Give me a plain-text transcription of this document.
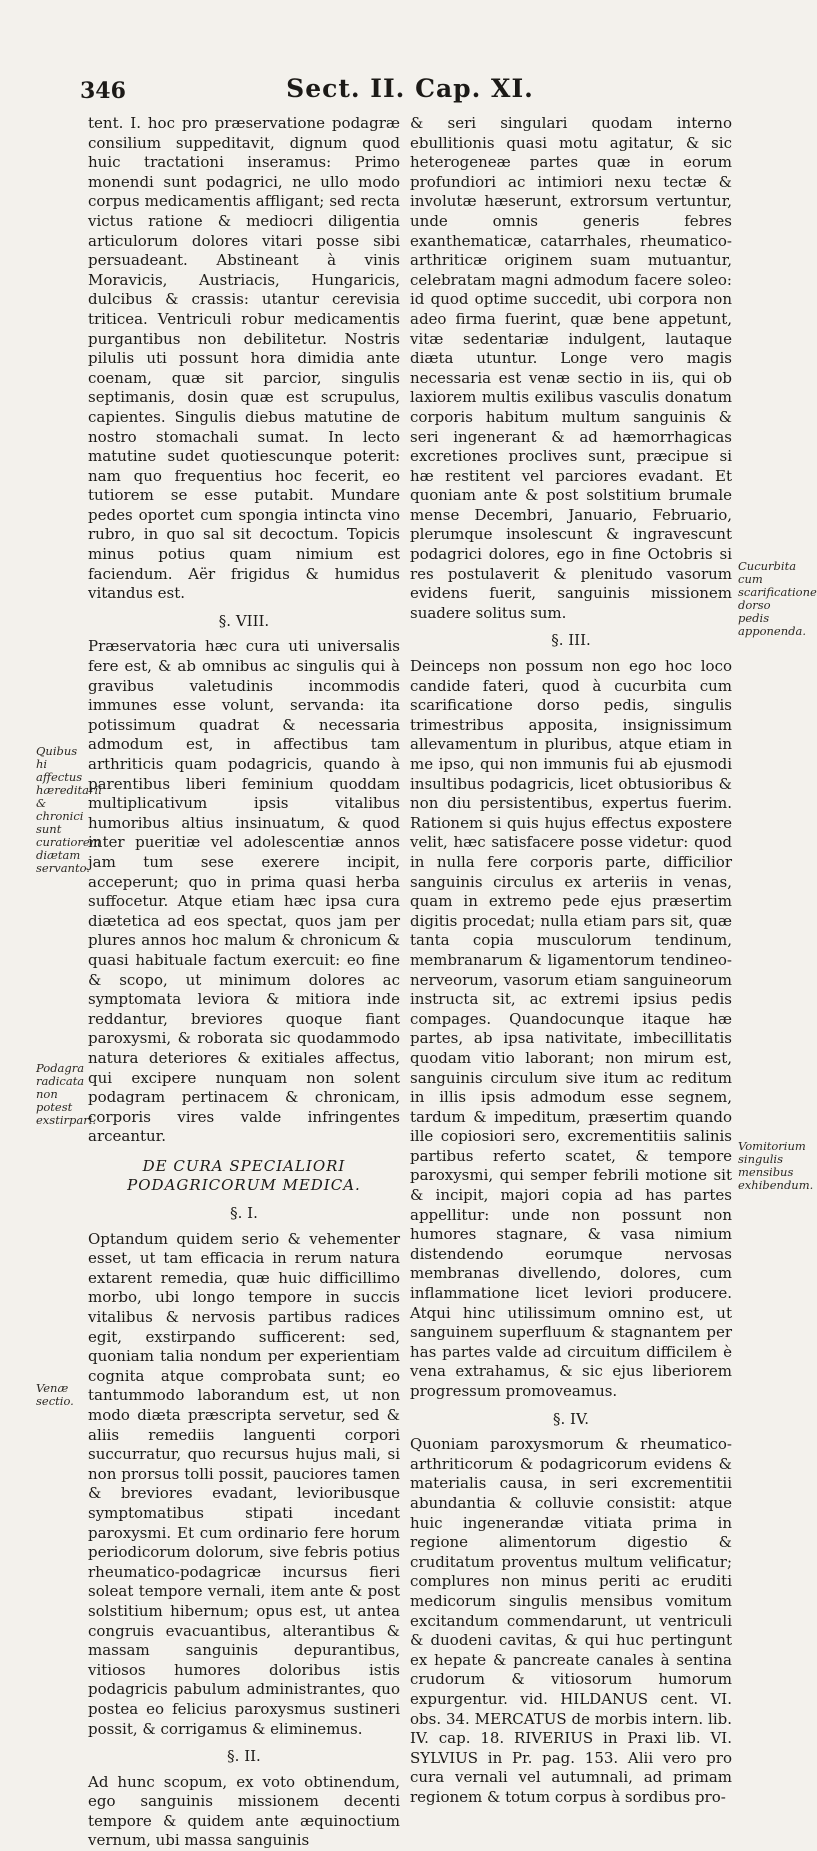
346	Sect. II. Cap. XI.
Quibus hi affectus hæreditarii & chronici sunt curatiorem diætam servanto.
Podagra radicata non potest exstirpari.
Venæ sectio.
Cucurbita cum scarificatione dorso pedis apponenda.
Vomitorium singulis mensibus exhibendum.

tent. I. hoc pro præservatione podagræ consilium suppeditavit, dignum quod huic tractationi inseramus: Primo monendi sunt podagrici, ne ullo modo corpus medicamentis affligant; sed recta victus ratione & mediocri diligentia articulorum dolores vitari posse sibi persuadeant. Abstineant à vinis Moravicis, Austriacis, Hungaricis, dulcibus & crassis: utantur cerevisia triticea. Ventriculi robur medicamentis purgantibus non debilitetur. Nostris pilulis uti possunt hora dimidia ante coenam, quæ sit parcior, singulis septimanis, dosin quæ est scrupulus, capientes. Singulis diebus matutine de nostro stomachali sumat. In lecto matutine sudet quotiescunque poterit: nam quo frequentius hoc fecerit, eo tutiorem se esse putabit. Mundare pedes oportet cum spongia intincta vino rubro, in quo sal sit decoctum. Topicis minus potius quam nimium est faciendum. Aër frigidus & humidus vitandus est.

§. VIII.

Præservatoria hæc cura uti universalis fere est, & ab omnibus ac singulis qui à gravibus valetudinis incommodis immunes esse volunt, servanda: ita potissimum quadrat & necessaria admodum est, in affectibus tam arthriticis quam podagricis, quando à parentibus liberi feminium quoddam multiplicativum ipsis vitalibus humoribus altius insinuatum, & quod inter pueritiæ vel adolescentiæ annos jam tum sese exerere incipit, acceperunt; quo in prima quasi herba suffocetur. Atque etiam hæc ipsa cura diætetica ad eos spectat, quos jam per plures annos hoc malum & chronicum & quasi habituale factum exercuit: eo fine & scopo, ut minimum dolores ac symptomata leviora & mitiora inde reddantur, breviores quoque fiant paroxysmi, & roborata sic quodammodo natura deteriores & exitiales affectus, qui excipere nunquam non solent podagram pertinacem & chronicam, corporis vires valde infringentes arceantur.

DE CURA SPECIALIORI PODAGRICORUM MEDICA.
§. I.

Optandum quidem serio & vehementer esset, ut tam efficacia in rerum natura extarent remedia, quæ huic difficillimo morbo, ubi longo tempore in succis vitalibus & nervosis partibus radices egit, exstirpando sufficerent: sed, quoniam talia nondum per experientiam cognita atque comprobata sunt; eo tantummodo laborandum est, ut non modo diæta præscripta servetur, sed & aliis remediis languenti corpori succurratur, quo recursus hujus mali, si non prorsus tolli possit, pauciores tamen & breviores evadant, levioribusque symptomatibus stipati incedant paroxysmi. Et cum ordinario fere horum periodicorum dolorum, sive febris potius rheumatico-podagricæ incursus fieri soleat tempore vernali, item ante & post solstitium hibernum; opus est, ut antea congruis evacuantibus, alterantibus & massam sanguinis depurantibus, vitiosos humores doloribus istis podagricis pabulum administrantes, quo postea eo felicius paroxysmus sustineri possit, & corrigamus & eliminemus.

§. II.

Ad hunc scopum, ex voto obtinendum, ego sanguinis missionem decenti tempore & quidem ante æquinoctium vernum, ubi massa sanguinis

& seri singulari quodam interno ebullitionis quasi motu agitatur, & sic heterogeneæ partes quæ in eorum profundiori ac intimiori nexu tectæ & involutæ hæserunt, extrorsum vertuntur, unde omnis generis febres exanthematicæ, catarrhales, rheumatico-arthriticæ originem suam mutuantur, celebratam magni admodum facere soleo: id quod optime succedit, ubi corpora non adeo firma fuerint, quæ bene appetunt, vitæ sedentariæ indulgent, lautaque diæta utuntur. Longe vero magis necessaria est venæ sectio in iis, qui ob laxiorem multis exilibus vasculis donatum corporis habitum multum sanguinis & seri ingenerant & ad hæmorrhagicas excretiones proclives sunt, præcipue si hæ restitent vel parciores evadant. Et quoniam ante & post solstitium brumale mense Decembri, Januario, Februario, plerumque insolescunt & ingravescunt podagrici dolores, ego in fine Octobris si res postulaverit & plenitudo vasorum evidens fuerit, sanguinis missionem suadere solitus sum.

§. III.

Deinceps non possum non ego hoc loco candide fateri, quod à cucurbita cum scarificatione dorso pedis, singulis trimestribus apposita, insignissimum allevamentum in pluribus, atque etiam in me ipso, qui non immunis fui ab ejusmodi insultibus podagricis, licet obtusioribus & non diu persistentibus, expertus fuerim. Rationem si quis hujus effectus expostere velit, hæc satisfacere posse videtur: quod in nulla fere corporis parte, difficilior sanguinis circulus ex arteriis in venas, quam in extremo pede ejus præsertim digitis procedat; nulla etiam pars sit, quæ tanta copia musculorum tendinum, membranarum & ligamentorum tendineo-nerveorum, vasorum etiam sanguineorum instructa sit, ac extremi ipsius pedis compages. Quandocunque itaque hæ partes, ab ipsa nativitate, imbecillitatis quodam vitio laborant; non mirum est, sanguinis circulum sive itum ac reditum in illis ipsis admodum esse segnem, tardum & impeditum, præsertim quando ille copiosiori sero, excrementitiis salinis partibus referto scatet, & tempore paroxysmi, qui semper febrili motione sit & incipit, majori copia ad has partes appellitur: unde non possunt non humores stagnare, & vasa nimium distendendo eorumque nervosas membranas divellendo, dolores, cum inflammatione licet leviori producere. Atqui hinc utilissimum omnino est, ut sanguinem superfluum & stagnantem per has partes valde ad circuitum difficilem è vena extrahamus, & sic ejus liberiorem progressum promoveamus.

§. IV.

Quoniam paroxysmorum & rheumatico-arthriticorum & podagricorum evidens & materialis causa, in seri excrementitii abundantia & colluvie consistit: atque huic ingenerandæ vitiata prima in regione alimentorum digestio & cruditatum proventus multum velificatur; complures non minus periti ac eruditi medicorum singulis mensibus vomitum excitandum commendarunt, ut ventriculi & duodeni cavitas, & qui huc pertingunt ex hepate & pancreate canales à sentina crudorum & vitiosorum humorum expurgentur. vid. HILDANUS cent. VI. obs. 34. MERCATUS de morbis intern. lib. IV. cap. 18. RIVERIUS in Praxi lib. VI. SYLVIUS in Pr. pag. 153. Alii vero pro cura vernali vel autumnali, ad primam regionem & totum corpus à sordibus pro-
